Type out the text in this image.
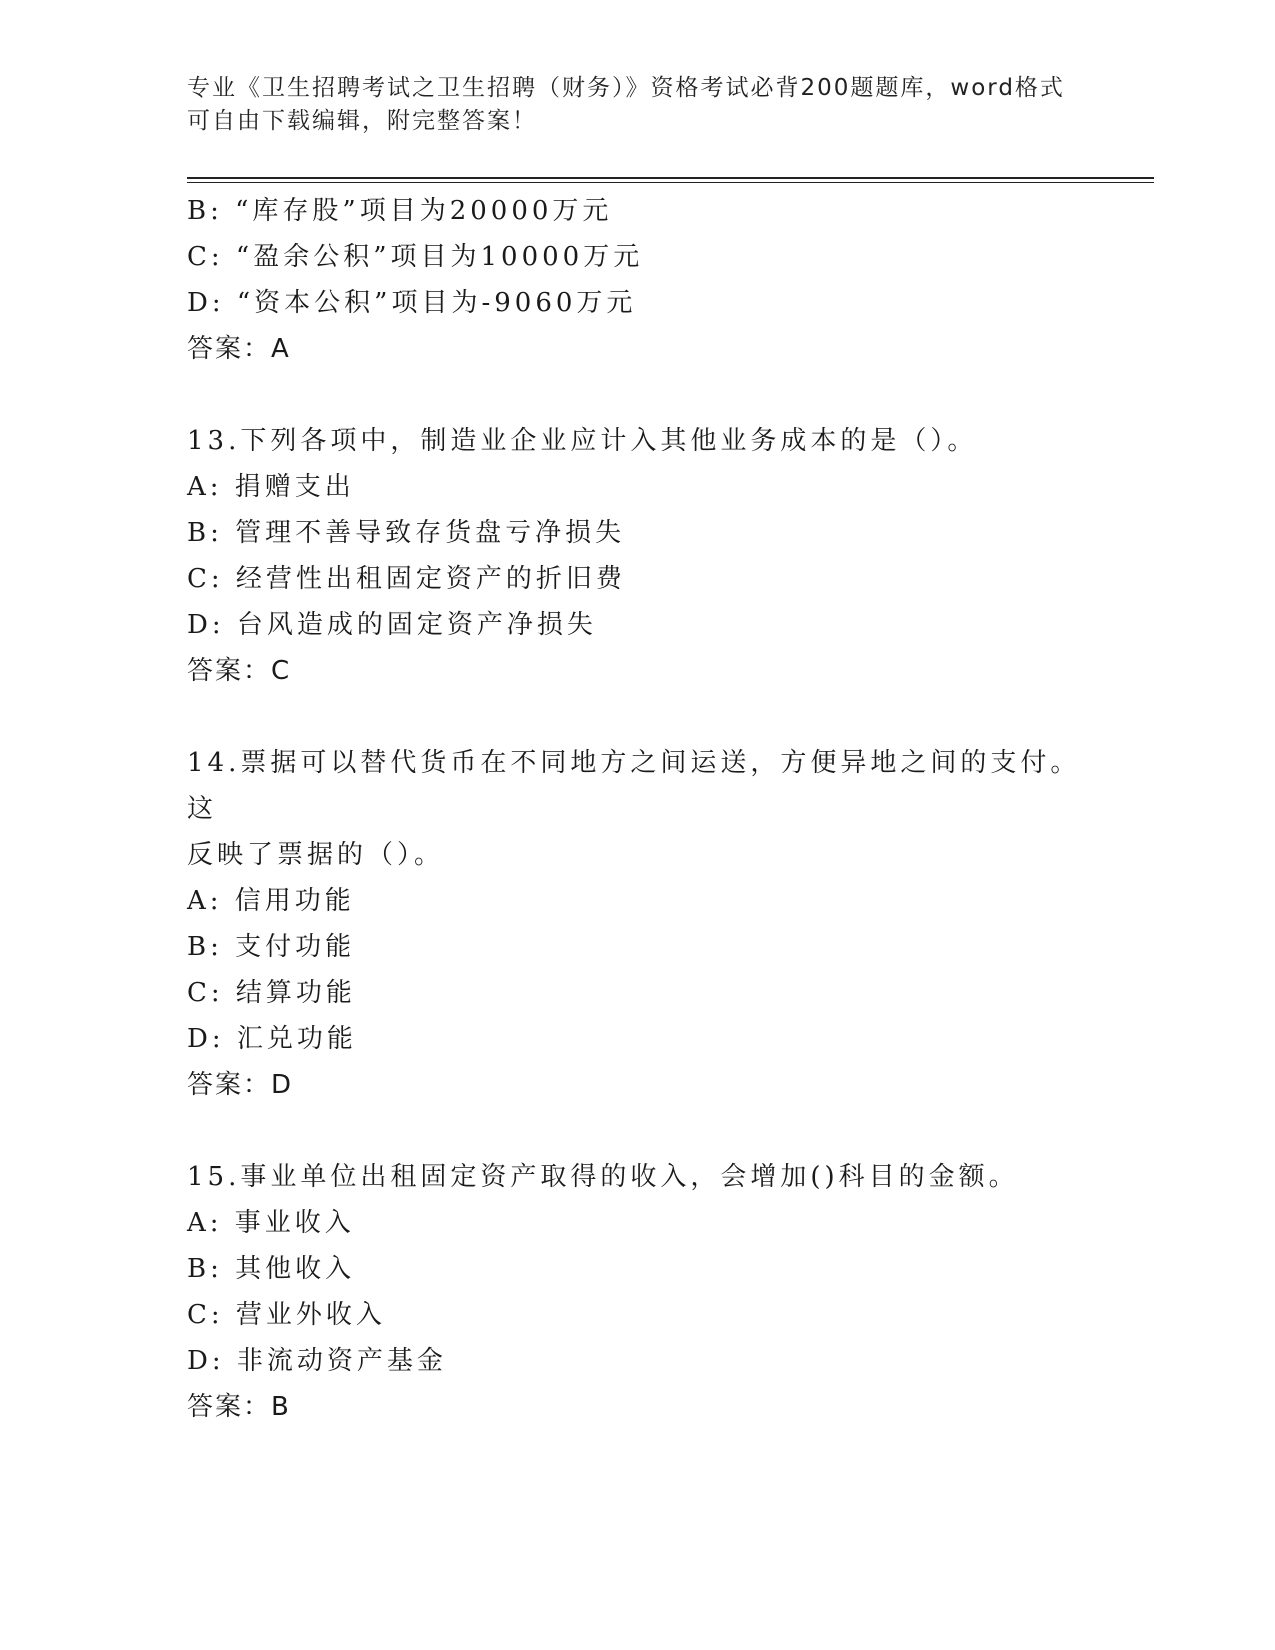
专业《卫生招聘考试之卫生招聘（财务）》资格考试必背200题题库，word格式
可自由下载编辑，附完整答案！
B: “库存股”项目为20000万元
C: “盈余公积”项目为10000万元
D: “资本公积”项目为-9060万元
答案：A
13.下列各项中，制造业企业应计入其他业务成本的是（）。
A: 捐赠支出
B: 管理不善导致存货盘亏净损失
C: 经营性出租固定资产的折旧费
D: 台风造成的固定资产净损失
答案：C
14.票据可以替代货币在不同地方之间运送，方便异地之间的支付。这
反映了票据的（）。
A: 信用功能
B: 支付功能
C: 结算功能
D: 汇兑功能
答案：D
15.事业单位出租固定资产取得的收入，会增加()科目的金额。
A: 事业收入
B: 其他收入
C: 营业外收入
D: 非流动资产基金
答案：B
